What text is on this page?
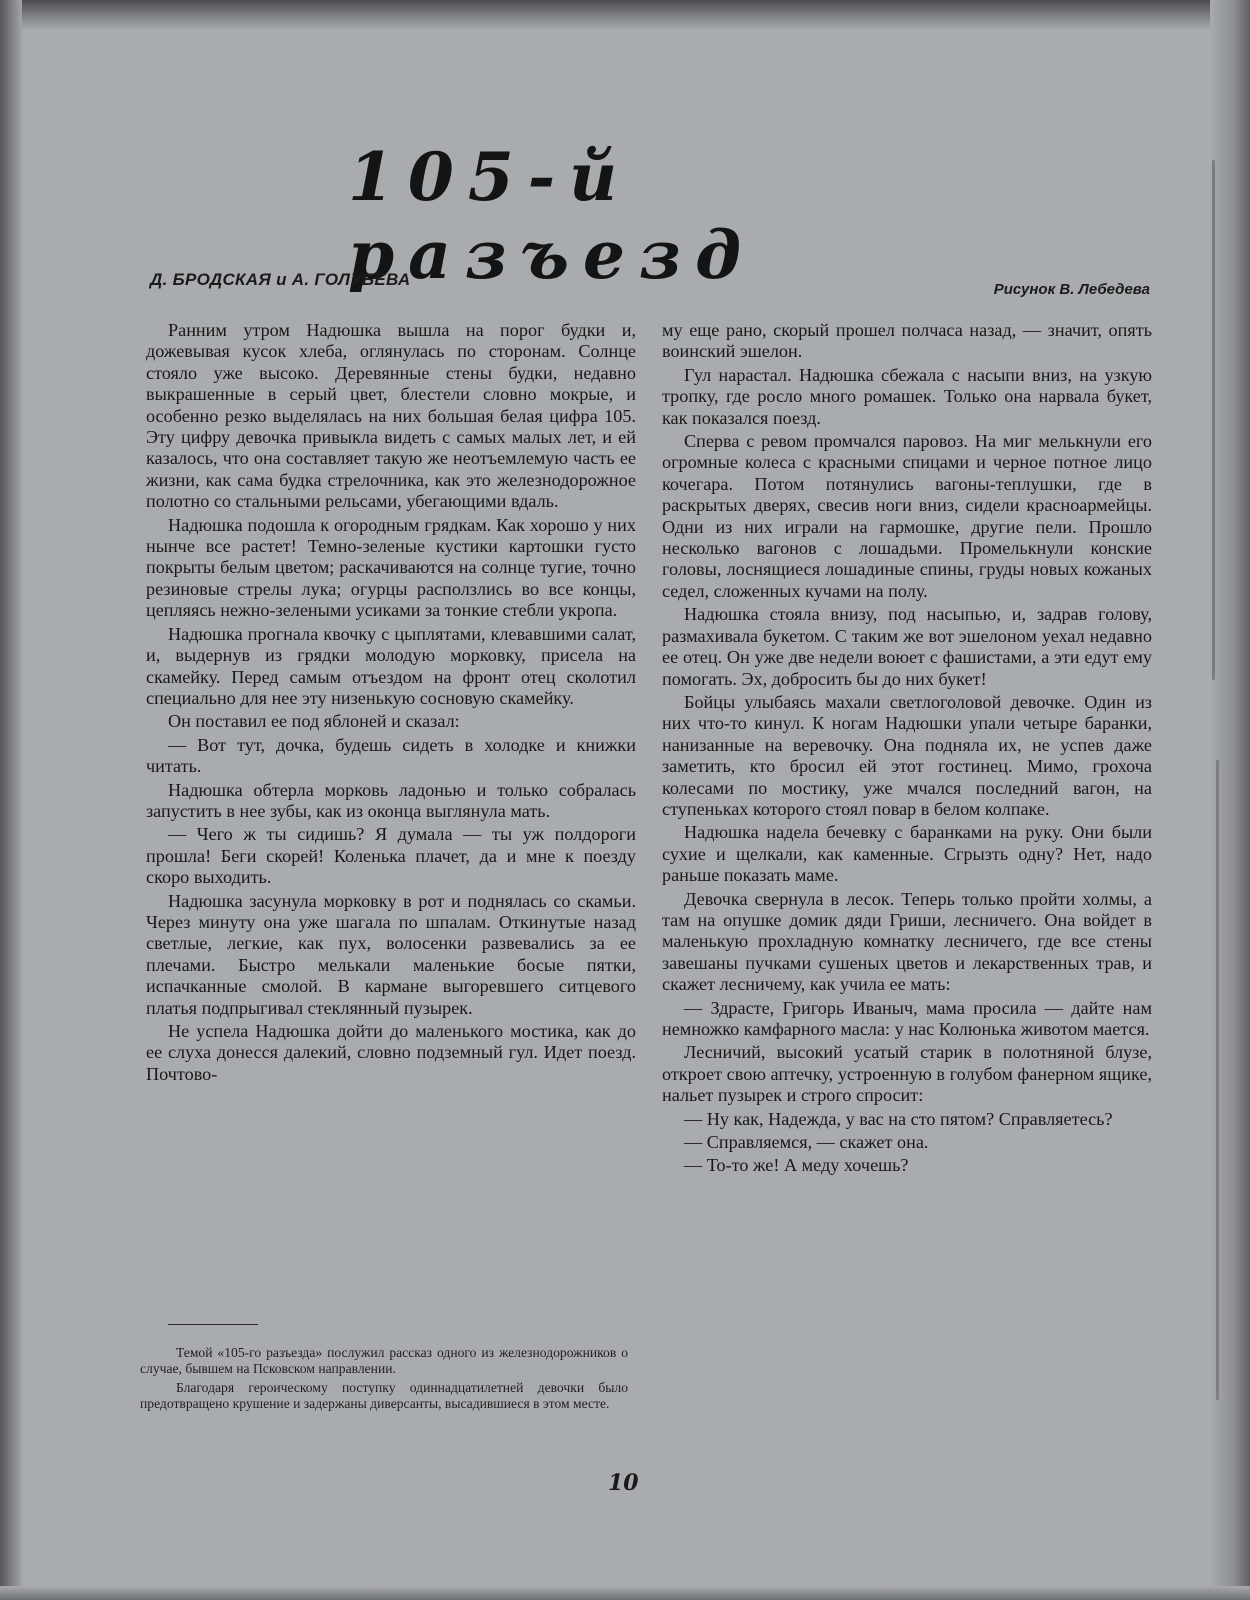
105-й разъезд
Д. БРОДСКАЯ и А. ГОЛУБЕВА
Рисунок В. Лебедева

Ранним утром Надюшка вышла на порог будки и, дожевывая кусок хлеба, оглянулась по сторонам. Солнце стояло уже высоко. Деревянные стены будки, недавно выкрашенные в серый цвет, блестели словно мокрые, и особенно резко выделялась на них большая белая цифра 105. Эту цифру девочка привыкла видеть с самых малых лет, и ей казалось, что она составляет такую же неотъемлемую часть ее жизни, как сама будка стрелочника, как это железнодорожное полотно со стальными рельсами, убегающими вдаль.

Надюшка подошла к огородным грядкам. Как хорошо у них нынче все растет! Темно-зеленые кустики картошки густо покрыты белым цветом; раскачиваются на солнце тугие, точно резиновые стрелы лука; огурцы расползлись во все концы, цепляясь нежно-зелеными усиками за тонкие стебли укропа.

Надюшка прогнала квочку с цыплятами, клевавшими салат, и, выдернув из грядки молодую морковку, присела на скамейку. Перед самым отъездом на фронт отец сколотил специально для нее эту низенькую сосновую скамейку.

Он поставил ее под яблоней и сказал:

— Вот тут, дочка, будешь сидеть в холодке и книжки читать.

Надюшка обтерла морковь ладонью и только собралась запустить в нее зубы, как из оконца выглянула мать.

— Чего ж ты сидишь? Я думала — ты уж полдороги прошла! Беги скорей! Коленька плачет, да и мне к поезду скоро выходить.

Надюшка засунула морковку в рот и поднялась со скамьи. Через минуту она уже шагала по шпалам. Откинутые назад светлые, легкие, как пух, волосенки развевались за ее плечами. Быстро мелькали маленькие босые пятки, испачканные смолой. В кармане выгоревшего ситцевого платья подпрыгивал стеклянный пузырек.

Не успела Надюшка дойти до маленького мостика, как до ее слуха донесся далекий, словно подземный гул. Идет поезд. Почтово-

му еще рано, скорый прошел полчаса назад, — значит, опять воинский эшелон.

Гул нарастал. Надюшка сбежала с насыпи вниз, на узкую тропку, где росло много ромашек. Только она нарвала букет, как показался поезд.

Сперва с ревом промчался паровоз. На миг мелькнули его огромные колеса с красными спицами и черное потное лицо кочегара. Потом потянулись вагоны-теплушки, где в раскрытых дверях, свесив ноги вниз, сидели красноармейцы. Одни из них играли на гармошке, другие пели. Прошло несколько вагонов с лошадьми. Промелькнули конские головы, лоснящиеся лошадиные спины, груды новых кожаных седел, сложенных кучами на полу.

Надюшка стояла внизу, под насыпью, и, задрав голову, размахивала букетом. С таким же вот эшелоном уехал недавно ее отец. Он уже две недели воюет с фашистами, а эти едут ему помогать. Эх, добросить бы до них букет!

Бойцы улыбаясь махали светлоголовой девочке. Один из них что-то кинул. К ногам Надюшки упали четыре баранки, нанизанные на веревочку. Она подняла их, не успев даже заметить, кто бросил ей этот гостинец. Мимо, грохоча колесами по мостику, уже мчался последний вагон, на ступеньках которого стоял повар в белом колпаке.

Надюшка надела бечевку с баранками на руку. Они были сухие и щелкали, как каменные. Сгрызть одну? Нет, надо раньше показать маме.

Девочка свернула в лесок. Теперь только пройти холмы, а там на опушке домик дяди Гриши, лесничего. Она войдет в маленькую прохладную комнатку лесничего, где все стены завешаны пучками сушеных цветов и лекарственных трав, и скажет лесничему, как учила ее мать:

— Здрасте, Григорь Иваныч, мама просила — дайте нам немножко камфарного масла: у нас Колюнька животом мается.

Лесничий, высокий усатый старик в полотняной блузе, откроет свою аптечку, устроенную в голубом фанерном ящике, нальет пузырек и строго спросит:

— Ну как, Надежда, у вас на сто пятом? Справляетесь?

— Справляемся, — скажет она.

— То-то же! А меду хочешь?

Темой «105-го разъезда» послужил рассказ одного из железнодорожников о случае, бывшем на Псковском направлении.

Благодаря героическому поступку одиннадцатилетней девочки было предотвращено крушение и задержаны диверсанты, высадившиеся в этом месте.

10
